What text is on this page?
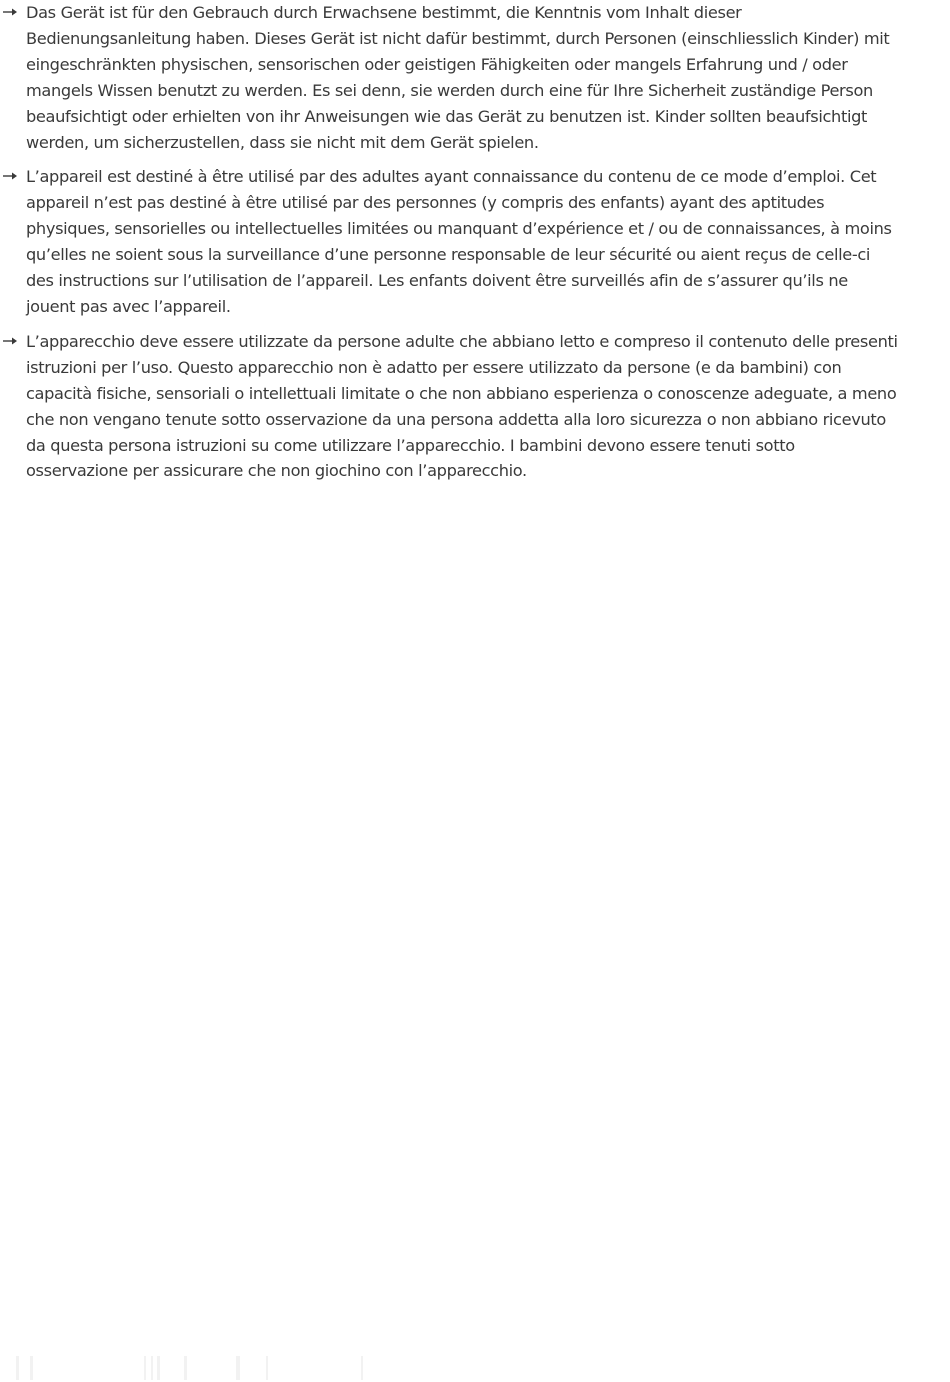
Das Gerät ist für den Gebrauch durch Erwachsene bestimmt, die Kenntnis vom Inhalt dieser Bedienungsanleitung haben. Dieses Gerät ist nicht dafür bestimmt, durch Personen (einschliesslich Kinder) mit eingeschränkten physischen, sensorischen oder geistigen Fähigkeiten oder mangels Erfahrung und / oder mangels Wissen benutzt zu werden. Es sei denn, sie werden durch eine für Ihre Sicherheit zuständige Person beaufsichtigt oder erhielten von ihr Anweisungen wie das Gerät zu benutzen ist. Kinder sollten beaufsichtigt werden, um sicherzustellen, dass sie nicht mit dem Gerät spielen.

L’appareil est destiné à être utilisé par des adultes ayant connaissance du contenu de ce mode d’emploi. Cet appareil n’est pas destiné à être utilisé par des personnes (y compris des enfants) ayant des aptitudes physiques, sensorielles ou intellectuelles limitées ou manquant d’expérience et / ou de connaissances, à moins qu’elles ne soient sous la surveillance d’une personne responsable de leur sécurité ou aient reçus de celle-ci des instructions sur l’utilisation de l’appareil. Les enfants doivent être surveillés afin de s’assurer qu’ils ne jouent pas avec l’appareil.

L’apparecchio deve essere utilizzate da persone adulte che abbiano letto e compreso il contenuto delle presenti istruzioni per l’uso. Questo apparecchio non è adatto per essere utilizzato da persone (e da bambini) con capacità fisiche, sensoriali o intellettuali limitate o che non abbiano esperienza o conoscenze adeguate, a meno che non vengano tenute sotto osservazione da una persona addetta alla loro sicurezza o non abbiano ricevuto da questa persona istruzioni su come utilizzare l’apparecchio. I bambini devono essere tenuti sotto osservazione per assicurare che non giochino con l’apparecchio.
